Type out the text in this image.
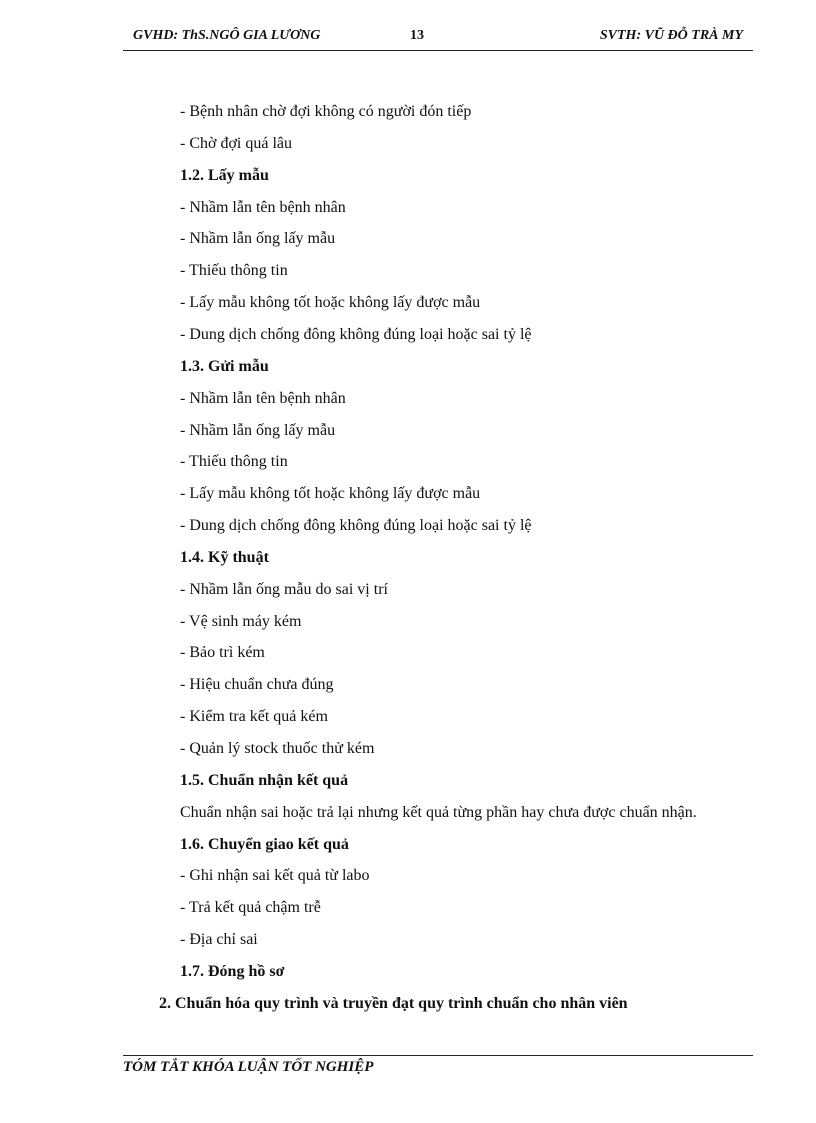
GVHD: ThS.NGÔ GIA LƯƠNG	13	SVTH: VŨ ĐỖ TRÀ MY
- Bệnh nhân chờ đợi không có người đón tiếp
- Chờ đợi quá lâu
1.2. Lấy mẫu
- Nhầm lẫn tên bệnh nhân
- Nhầm lẫn ống lấy mẫu
- Thiếu thông tin
- Lấy mẫu không tốt hoặc không lấy được mẫu
- Dung dịch chống đông không đúng loại hoặc sai tỷ lệ
1.3. Gửi mẫu
- Nhầm lẫn tên bệnh nhân
- Nhầm lẫn ống lấy mẫu
- Thiếu thông tin
- Lấy mẫu không tốt hoặc không lấy được mẫu
- Dung dịch chống đông không đúng loại hoặc sai tỷ lệ
1.4. Kỹ thuật
- Nhầm lẫn ống mẫu do sai vị trí
- Vệ sinh máy kém
- Bảo trì kém
- Hiệu chuẩn chưa đúng
- Kiểm tra kết quả kém
- Quản lý stock thuốc thử kém
1.5. Chuẩn nhận kết quả
Chuẩn nhận sai hoặc trả lại nhưng kết quả từng phần hay chưa được chuẩn nhận.
1.6. Chuyển giao kết quả
- Ghi nhận sai kết quả từ labo
- Trả kết quả chậm trễ
- Địa chỉ sai
1.7. Đóng hồ sơ
2. Chuẩn hóa quy trình và truyền đạt quy trình chuẩn cho nhân viên
TÓM TẮT KHÓA LUẬN TỐT NGHIỆP
